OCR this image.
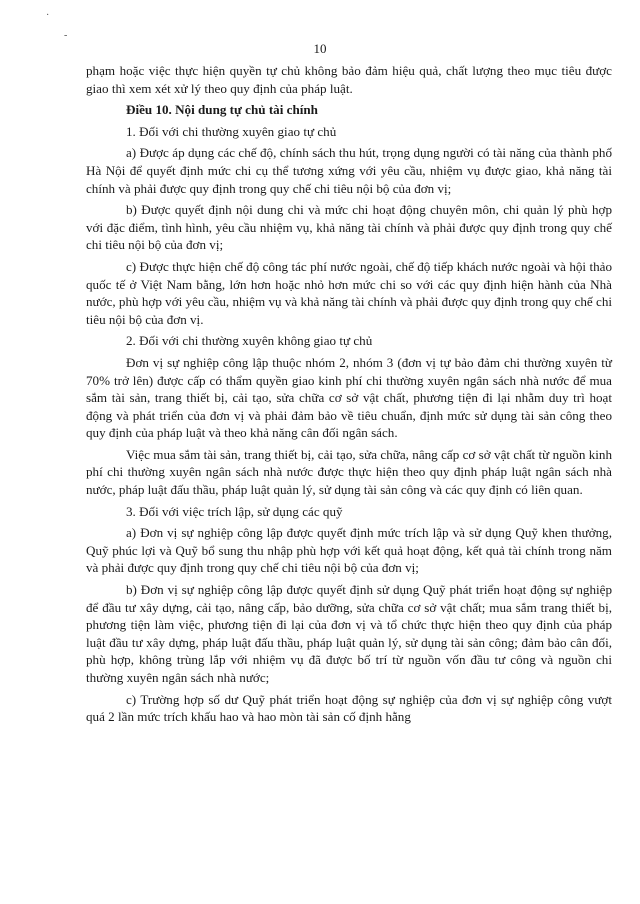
·
-
10

phạm hoặc việc thực hiện quyền tự chủ không bảo đảm hiệu quả, chất lượng theo mục tiêu được giao thì xem xét xử lý theo quy định của pháp luật.

Điều 10. Nội dung tự chủ tài chính

1. Đối với chi thường xuyên giao tự chủ

a) Được áp dụng các chế độ, chính sách thu hút, trọng dụng người có tài năng của thành phố Hà Nội để quyết định mức chi cụ thể tương xứng với yêu cầu, nhiệm vụ được giao, khả năng tài chính và phải được quy định trong quy chế chi tiêu nội bộ của đơn vị;

b) Được quyết định nội dung chi và mức chi hoạt động chuyên môn, chi quản lý phù hợp với đặc điểm, tình hình, yêu cầu nhiệm vụ, khả năng tài chính và phải được quy định trong quy chế chi tiêu nội bộ của đơn vị;

c) Được thực hiện chế độ công tác phí nước ngoài, chế độ tiếp khách nước ngoài và hội thảo quốc tế ở Việt Nam bằng, lớn hơn hoặc nhỏ hơn mức chi so với các quy định hiện hành của Nhà nước, phù hợp với yêu cầu, nhiệm vụ và khả năng tài chính và phải được quy định trong quy chế chi tiêu nội bộ của đơn vị.

2. Đối với chi thường xuyên không giao tự chủ

Đơn vị sự nghiệp công lập thuộc nhóm 2, nhóm 3 (đơn vị tự bảo đảm chi thường xuyên từ 70% trở lên) được cấp có thẩm quyền giao kinh phí chi thường xuyên ngân sách nhà nước để mua sắm tài sản, trang thiết bị, cải tạo, sửa chữa cơ sở vật chất, phương tiện đi lại nhằm duy trì hoạt động và phát triển của đơn vị và phải đảm bảo về tiêu chuẩn, định mức sử dụng tài sản công theo quy định của pháp luật và theo khả năng cân đối ngân sách.

Việc mua sắm tài sản, trang thiết bị, cải tạo, sửa chữa, nâng cấp cơ sở vật chất từ nguồn kinh phí chi thường xuyên ngân sách nhà nước được thực hiện theo quy định pháp luật ngân sách nhà nước, pháp luật đấu thầu, pháp luật quản lý, sử dụng tài sản công và các quy định có liên quan.

3. Đối với việc trích lập, sử dụng các quỹ

a) Đơn vị sự nghiệp công lập được quyết định mức trích lập và sử dụng Quỹ khen thưởng, Quỹ phúc lợi và Quỹ bổ sung thu nhập phù hợp với kết quả hoạt động, kết quả tài chính trong năm và phải được quy định trong quy chế chi tiêu nội bộ của đơn vị;

b) Đơn vị sự nghiệp công lập được quyết định sử dụng Quỹ phát triển hoạt động sự nghiệp để đầu tư xây dựng, cải tạo, nâng cấp, bảo dưỡng, sửa chữa cơ sở vật chất; mua sắm trang thiết bị, phương tiện làm việc, phương tiện đi lại của đơn vị và tổ chức thực hiện theo quy định của pháp luật đầu tư xây dựng, pháp luật đấu thầu, pháp luật quản lý, sử dụng tài sản công; đảm bảo cân đối, phù hợp, không trùng lắp với nhiệm vụ đã được bố trí từ nguồn vốn đầu tư công và nguồn chi thường xuyên ngân sách nhà nước;

c) Trường hợp số dư Quỹ phát triển hoạt động sự nghiệp của đơn vị sự nghiệp công vượt quá 2 lần mức trích khấu hao và hao mòn tài sản cố định hằng
